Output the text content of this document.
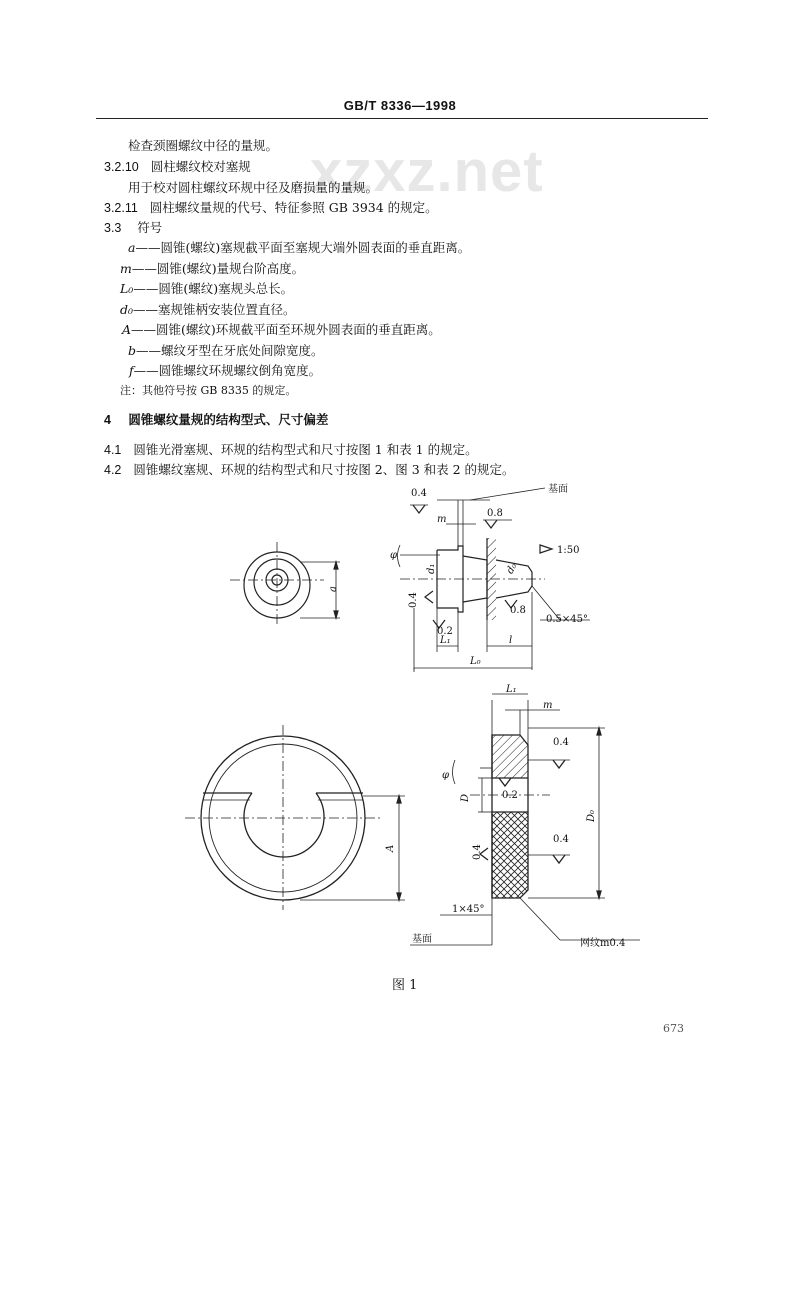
GB/T 8336—1998
xzxz.net
检查颈圈螺纹中径的量规。
3.2.10 圆柱螺纹校对塞规
用于校对圆柱螺纹环规中径及磨损量的量规。
3.2.11 圆柱螺纹量规的代号、特征参照 GB 3934 的规定。
3.3 符号
a——圆锥(螺纹)塞规截平面至塞规大端外圆表面的垂直距离。
m——圆锥(螺纹)量规台阶高度。
L₀——圆锥(螺纹)塞规头总长。
d₀——塞规锥柄安装位置直径。
A——圆锥(螺纹)环规截平面至环规外圆表面的垂直距离。
b——螺纹牙型在牙底处间隙宽度。
f——圆锥螺纹环规螺纹倒角宽度。
注：其他符号按 GB 8335 的规定。
4 圆锥螺纹量规的结构型式、尺寸偏差
4.1 圆锥光滑塞规、环规的结构型式和尺寸按图 1 和表 1 的规定。
4.2 圆锥螺纹塞规、环规的结构型式和尺寸按图 2、图 3 和表 2 的规定。
基面
0.4
0.8
0.4
0.2
0.8
m
φ
d₁	d₀
1:50
0.5×45°
L₁
L₀
l
a
L₁
m
0.4
φ
D	0.2
0.4
0.4
D₀
A
1×45°
基面	网纹m0.4
图 1
673
